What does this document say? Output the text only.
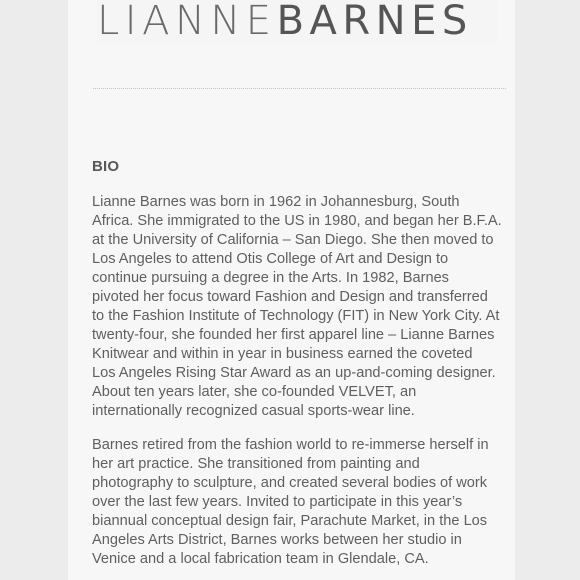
LIANNEBARNES
BIO

Lianne Barnes was born in 1962 in Johannesburg, South
Africa. She immigrated to the US in 1980, and began her B.F.A.
at the University of California – San Diego. She then moved to
Los Angeles to attend Otis College of Art and Design to
continue pursuing a degree in the Arts. In 1982, Barnes
pivoted her focus toward Fashion and Design and transferred
to the Fashion Institute of Technology (FIT) in New York City. At
twenty-four, she founded her first apparel line – Lianne Barnes
Knitwear and within in year in business earned the coveted
Los Angeles Rising Star Award as an up-and-coming designer.
About ten years later, she co-founded VELVET, an
internationally recognized casual sports-wear line.

Barnes retired from the fashion world to re-immerse herself in
her art practice. She transitioned from painting and
photography to sculpture, and created several bodies of work
over the last few years. Invited to participate in this year’s
biannual conceptual design fair, Parachute Market, in the Los
Angeles Arts District, Barnes works between her studio in
Venice and a local fabrication team in Glendale, CA.
